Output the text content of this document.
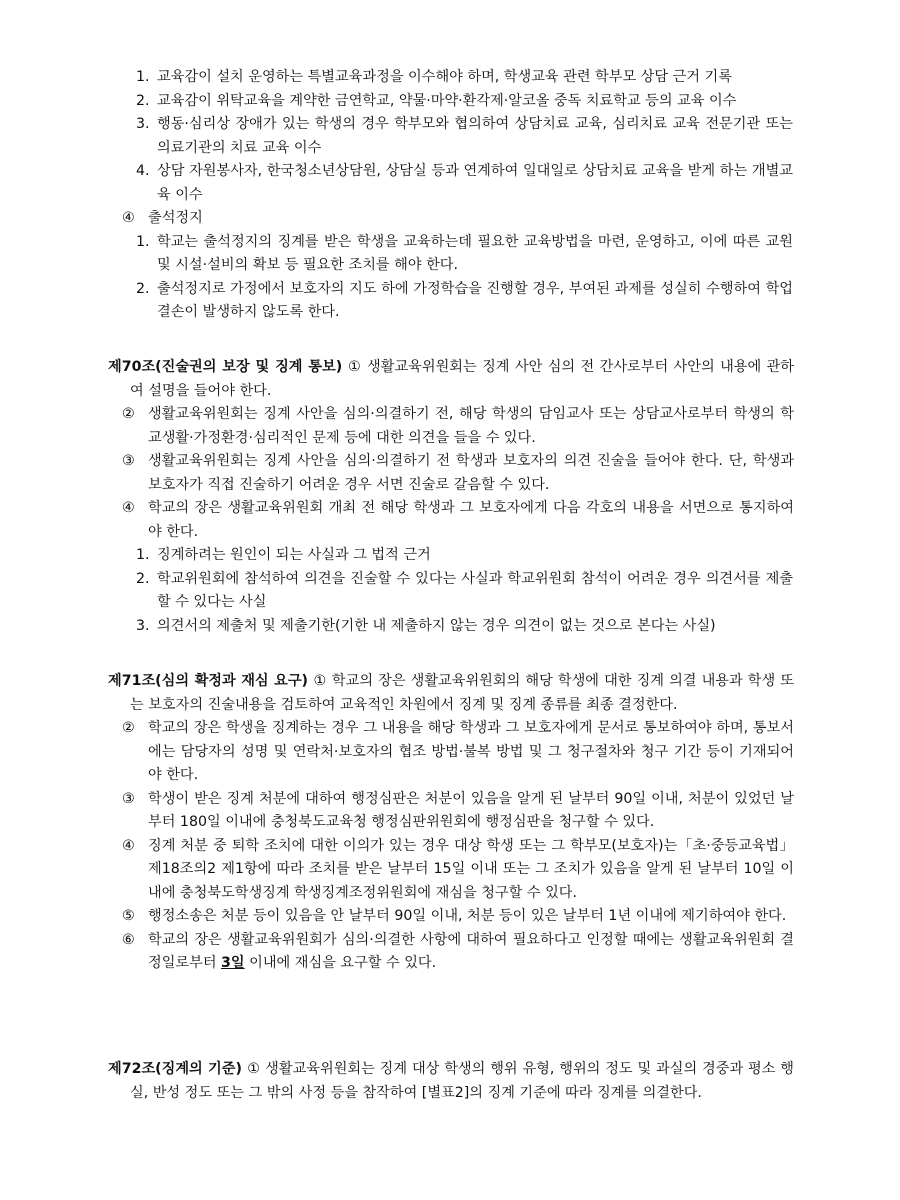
1. 교육감이 설치 운영하는 특별교육과정을 이수해야 하며, 학생교육 관련 학부모 상담 근거 기록
2. 교육감이 위탁교육을 계약한 금연학교, 약물·마약·환각제·알코올 중독 치료학교 등의 교육 이수
3. 행동·심리상 장애가 있는 학생의 경우 학부모와 협의하여 상담치료 교육, 심리치료 교육 전문기관 또는 의료기관의 치료 교육 이수
4. 상담 자원봉사자, 한국청소년상담원, 상담실 등과 연계하여 일대일로 상담치료 교육을 받게 하는 개별교육 이수
④ 출석정지
1. 학교는 출석정지의 징계를 받은 학생을 교육하는데 필요한 교육방법을 마련, 운영하고, 이에 따른 교원 및 시설·설비의 확보 등 필요한 조치를 해야 한다.
2. 출석정지로 가정에서 보호자의 지도 하에 가정학습을 진행할 경우, 부여된 과제를 성실히 수행하여 학업 결손이 발생하지 않도록 한다.
제70조(진술권의 보장 및 징계 통보) ① 생활교육위원회는 징계 사안 심의 전 간사로부터 사안의 내용에 관하여 설명을 들어야 한다.
② 생활교육위원회는 징계 사안을 심의·의결하기 전, 해당 학생의 담임교사 또는 상담교사로부터 학생의 학교생활·가정환경·심리적인 문제 등에 대한 의견을 들을 수 있다.
③ 생활교육위원회는 징계 사안을 심의·의결하기 전 학생과 보호자의 의견 진술을 들어야 한다. 단, 학생과 보호자가 직접 진술하기 어려운 경우 서면 진술로 갈음할 수 있다.
④ 학교의 장은 생활교육위원회 개최 전 해당 학생과 그 보호자에게 다음 각호의 내용을 서면으로 통지하여야 한다.
1. 징계하려는 원인이 되는 사실과 그 법적 근거
2. 학교위원회에 참석하여 의견을 진술할 수 있다는 사실과 학교위원회 참석이 어려운 경우 의견서를 제출할 수 있다는 사실
3. 의견서의 제출처 및 제출기한(기한 내 제출하지 않는 경우 의견이 없는 것으로 본다는 사실)
제71조(심의 확정과 재심 요구) ① 학교의 장은 생활교육위원회의 해당 학생에 대한 징계 의결 내용과 학생 또는 보호자의 진술내용을 검토하여 교육적인 차원에서 징계 및 징계 종류를 최종 결정한다.
② 학교의 장은 학생을 징계하는 경우 그 내용을 해당 학생과 그 보호자에게 문서로 통보하여야 하며, 통보서에는 담당자의 성명 및 연락처·보호자의 협조 방법·불복 방법 및 그 청구절차와 청구 기간 등이 기재되어야 한다.
③ 학생이 받은 징계 처분에 대하여 행정심판은 처분이 있음을 알게 된 날부터 90일 이내, 처분이 있었던 날부터 180일 이내에 충청북도교육청 행정심판위원회에 행정심판을 청구할 수 있다.
④ 징계 처분 중 퇴학 조치에 대한 이의가 있는 경우 대상 학생 또는 그 학부모(보호자)는「초·중등교육법」제18조의2 제1항에 따라 조치를 받은 날부터 15일 이내 또는 그 조치가 있음을 알게 된 날부터 10일 이내에 충청북도학생징계 학생징계조정위원회에 재심을 청구할 수 있다.
⑤ 행정소송은 처분 등이 있음을 안 날부터 90일 이내, 처분 등이 있은 날부터 1년 이내에 제기하여야 한다.
⑥ 학교의 장은 생활교육위원회가 심의·의결한 사항에 대하여 필요하다고 인정할 때에는 생활교육위원회 결정일로부터 3일 이내에 재심을 요구할 수 있다.
제72조(징계의 기준) ① 생활교육위원회는 징계 대상 학생의 행위 유형, 행위의 정도 및 과실의 경중과 평소 행실, 반성 정도 또는 그 밖의 사정 등을 참작하여 [별표2]의 징계 기준에 따라 징계를 의결한다.
